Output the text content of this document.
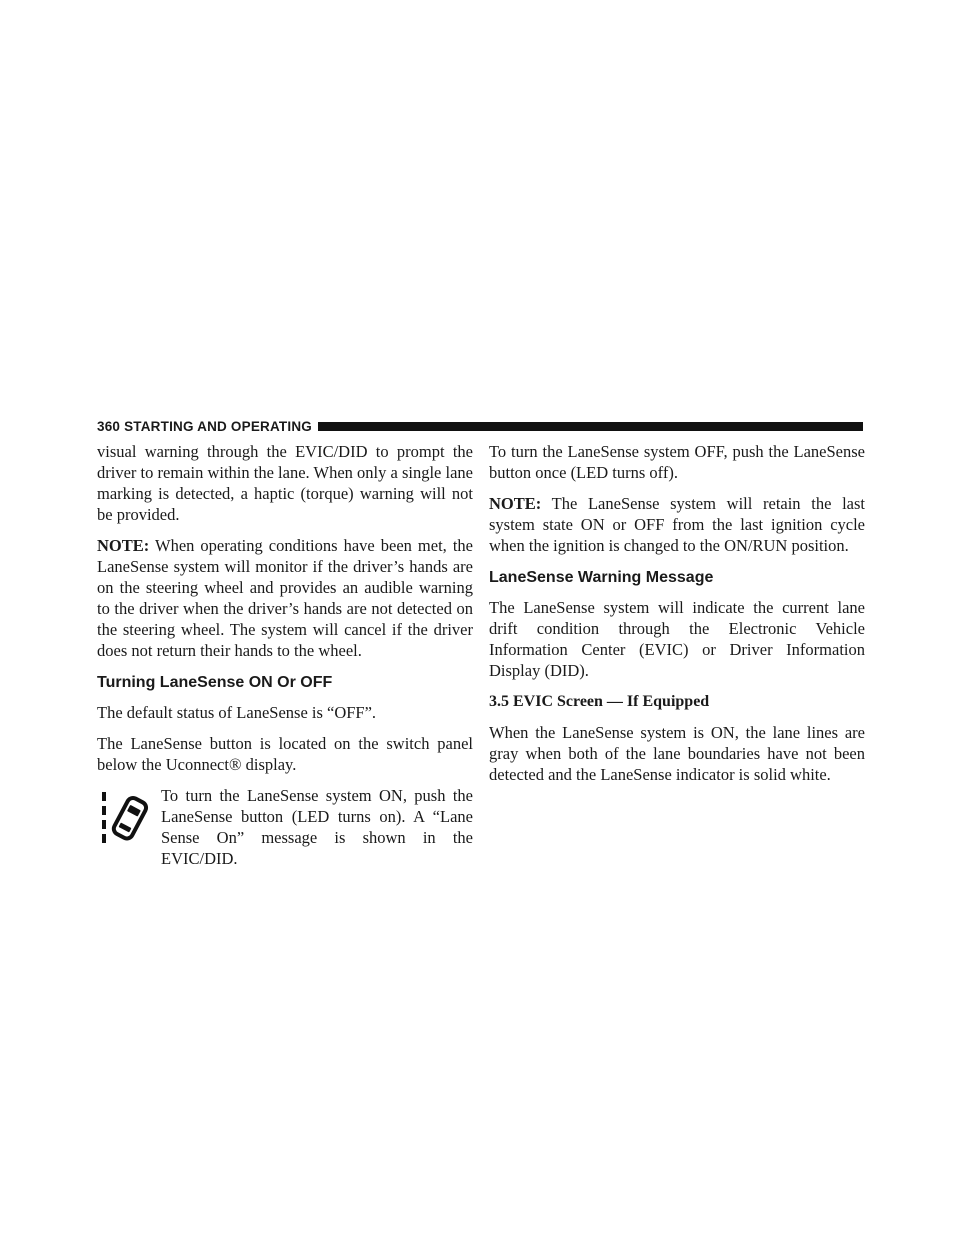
360 STARTING AND OPERATING

visual warning through the EVIC/DID to prompt the driver to remain within the lane. When only a single lane marking is detected, a haptic (torque) warning will not be provided.

NOTE: When operating conditions have been met, the LaneSense system will monitor if the driver’s hands are on the steering wheel and provides an audible warning to the driver when the driver’s hands are not detected on the steering wheel. The system will cancel if the driver does not return their hands to the wheel.

Turning LaneSense ON Or OFF

The default status of LaneSense is “OFF”.

The LaneSense button is located on the switch panel below the Uconnect® display.

To turn the LaneSense system ON, push the LaneSense button (LED turns on). A “Lane Sense On” message is shown in the EVIC/DID.

To turn the LaneSense system OFF, push the LaneSense button once (LED turns off).

NOTE: The LaneSense system will retain the last system state ON or OFF from the last ignition cycle when the ignition is changed to the ON/RUN position.

LaneSense Warning Message

The LaneSense system will indicate the current lane drift condition through the Electronic Vehicle Information Center (EVIC) or Driver Information Display (DID).

3.5 EVIC Screen — If Equipped

When the LaneSense system is ON, the lane lines are gray when both of the lane boundaries have not been detected and the LaneSense indicator is solid white.
